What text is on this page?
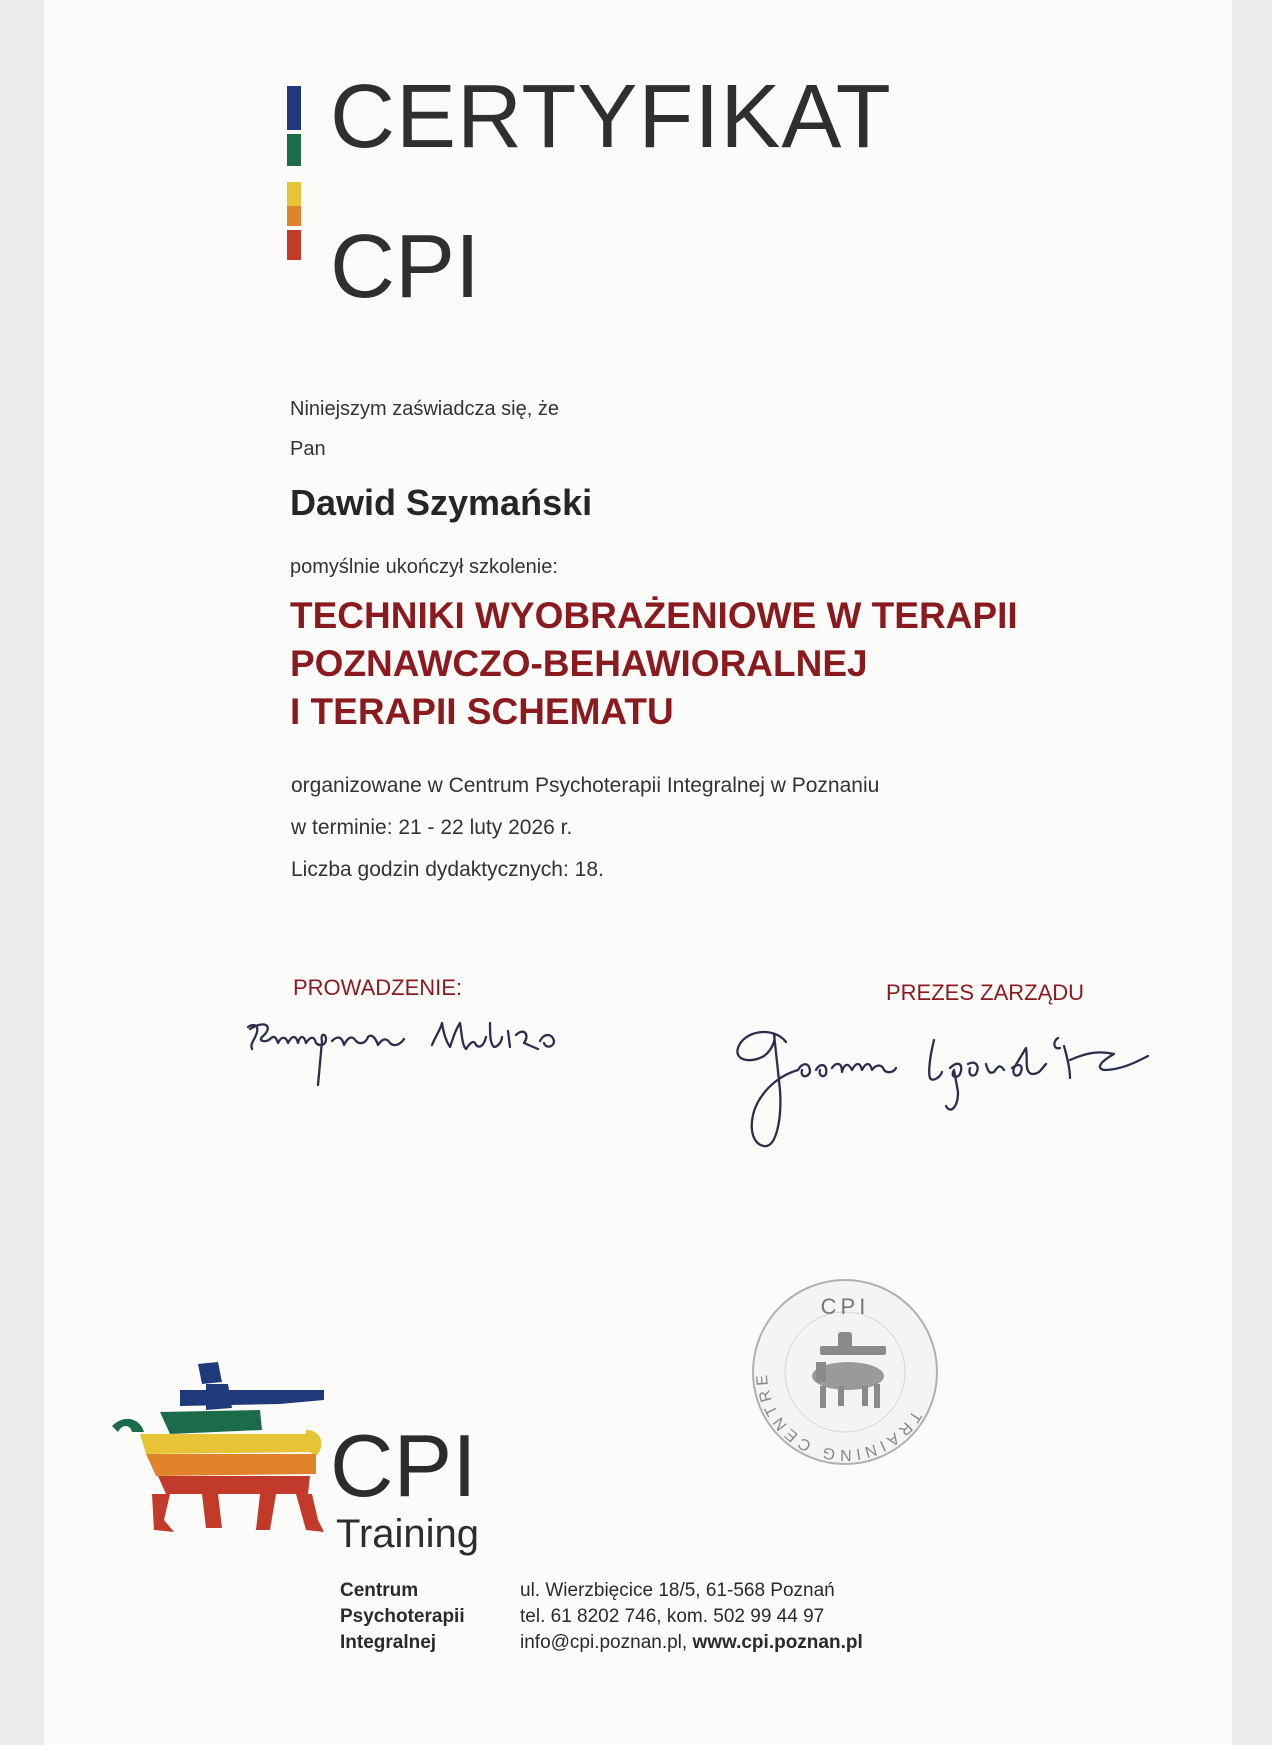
CERTYFIKAT
CPI
Niniejszym zaświadcza się, że
Pan
Dawid Szymański
pomyślnie ukończył szkolenie:
TECHNIKI WYOBRAŻENIOWE W TERAPII
POZNAWCZO-BEHAWIORALNEJ
I TERAPII SCHEMATU
organizowane w Centrum Psychoterapii Integralnej w Poznaniu
w terminie: 21 - 22 luty 2026 r.
Liczba godzin dydaktycznych: 18.
PROWADZENIE:	PREZES ZARZĄDU
CPI
TRAINING CENTRE
CPI
Training
Centrum
Psychoterapii
Integralnej
ul. Wierzbięcice 18/5, 61-568 Poznań
tel. 61 8202 746, kom. 502 99 44 97
info@cpi.poznan.pl, www.cpi.poznan.pl
